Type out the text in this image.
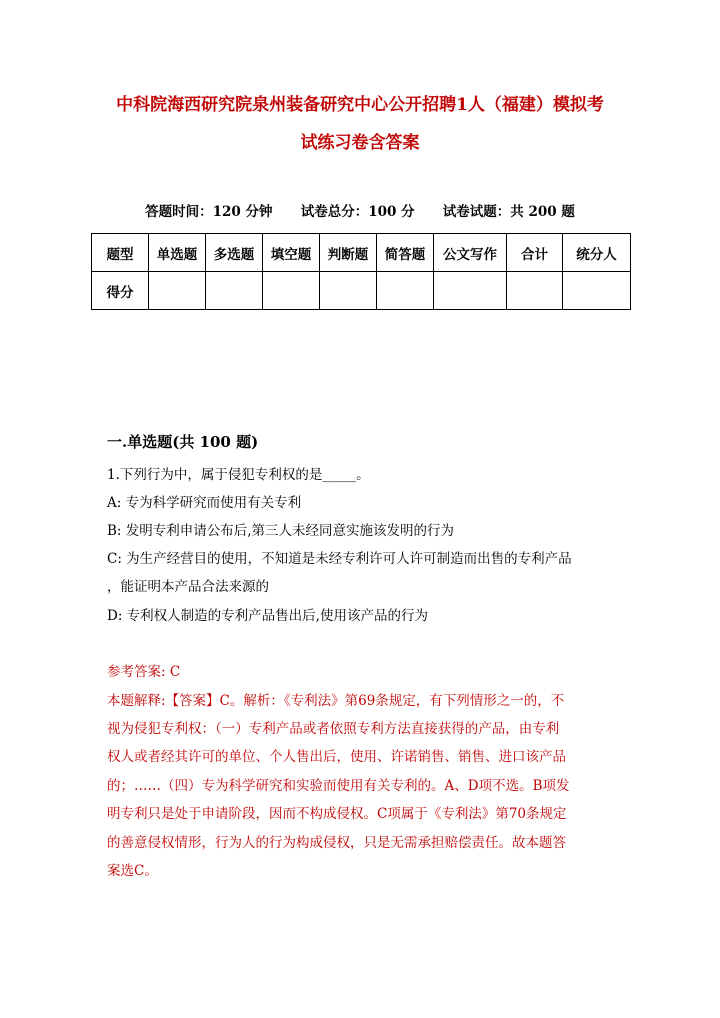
中科院海西研究院泉州装备研究中心公开招聘1人（福建）模拟考
试练习卷含答案
答题时间：120 分钟      试卷总分：100 分      试卷试题：共 200 题
题型	单选题	多选题	填空题	判断题	简答题	公文写作	合计	统分人
得分								
一.单选题(共 100 题)
1.下列行为中，属于侵犯专利权的是_____。
A: 专为科学研究而使用有关专利
B: 发明专利申请公布后,第三人未经同意实施该发明的行为
C: 为生产经营目的使用，不知道是未经专利许可人许可制造而出售的专利产品
，能证明本产品合法来源的
D: 专利权人制造的专利产品售出后,使用该产品的行为
参考答案: C
本题解释:【答案】C。解析：《专利法》第69条规定，有下列情形之一的，不
视为侵犯专利权：（一）专利产品或者依照专利方法直接获得的产品，由专利
权人或者经其许可的单位、个人售出后，使用、许诺销售、销售、进口该产品
的；……（四）专为科学研究和实验而使用有关专利的。A、D项不选。B项发
明专利只是处于申请阶段，因而不构成侵权。C项属于《专利法》第70条规定
的善意侵权情形，行为人的行为构成侵权，只是无需承担赔偿责任。故本题答
案选C。
